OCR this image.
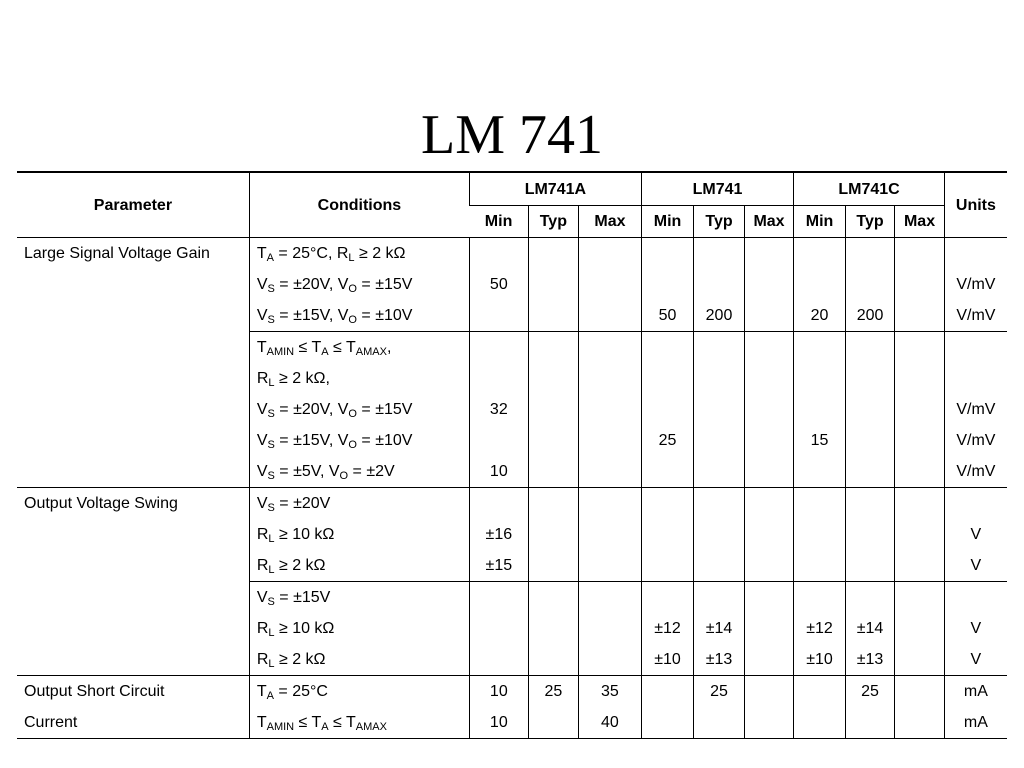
LM 741
Parameter	Conditions	LM741A			LM741			LM741C			Units
		Min	Typ	Max	Min	Typ	Max	Min	Typ	Max	
Large Signal Voltage Gain	$T_A = 25^\circ C$, $R_L \ge 2$ kΩ										
	$V_S = \pm 20V$, $V_O = \pm 15V$	50									V/mV
	$V_S = \pm 15V$, $V_O = \pm 10V$				50	200		20	200		V/mV
	$T_{AMIN} \le T_A \le T_{AMAX}$,										
	$R_L \ge 2$ kΩ,										
	$V_S = \pm 20V$, $V_O = \pm 15V$	32									V/mV
	$V_S = \pm 15V$, $V_O = \pm 10V$				25			15			V/mV
	$V_S = \pm 5V$, $V_O = \pm 2V$	10									V/mV
Output Voltage Swing	$V_S = \pm 20V$										
	$R_L \ge 10$ kΩ	±16									V
	$R_L \ge 2$ kΩ	±15									V
	$V_S = \pm 15V$										
	$R_L \ge 10$ kΩ				±12	±14		±12	±14		V
	$R_L \ge 2$ kΩ				±10	±13		±10	±13		V
Output Short Circuit	$T_A = 25^\circ C$	10	25	35		25			25		mA
Current	$T_{AMIN} \le T_A \le T_{AMAX}$	10		40							mA
